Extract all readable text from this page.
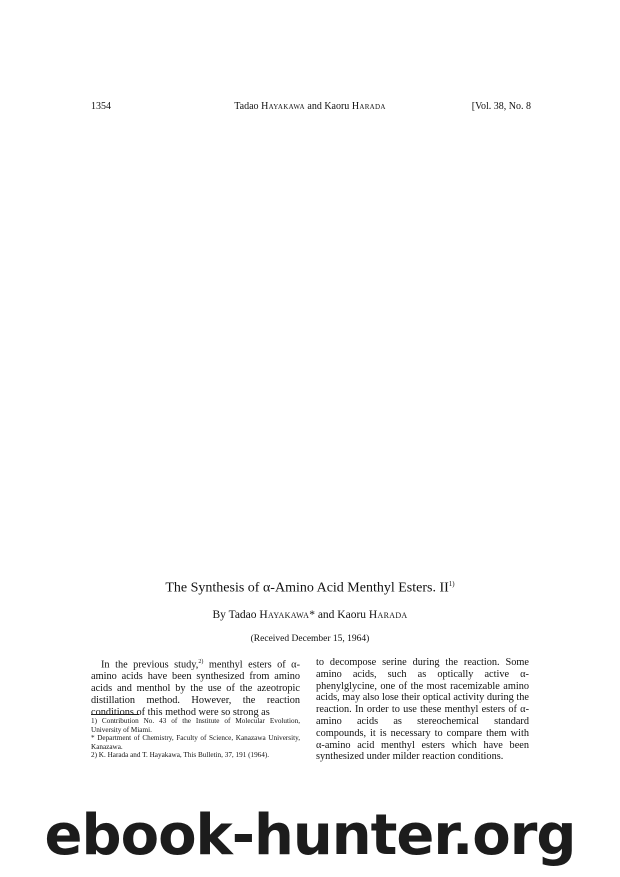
1354	Tadao Hayakawa and Kaoru Harada	[Vol. 38, No. 8
The Synthesis of α-Amino Acid Menthyl Esters. II$^{1)}$
By Tadao Hayakawa* and Kaoru Harada
(Received December 15, 1964)
In the previous study,$^{2)}$ menthyl esters of α-amino acids have been synthesized from amino acids and menthol by the use of the azeotropic distillation method. However, the reaction conditions of this method were so strong as
to decompose serine during the reaction. Some amino acids, such as optically active α-phenylglycine, one of the most racemizable amino acids, may also lose their optical activity during the reaction. In order to use these menthyl esters of α-amino acids as stereochemical standard compounds, it is necessary to compare them with α-amino acid menthyl esters which have been synthesized under milder reaction conditions.

1) Contribution No. 43 of the Institute of Molecular Evolution, University of Miami.

* Department of Chemistry, Faculty of Science, Kanazawa University, Kanazawa.

2) K. Harada and T. Hayakawa, This Bulletin, 37, 191 (1964).

ebook-hunter.org
